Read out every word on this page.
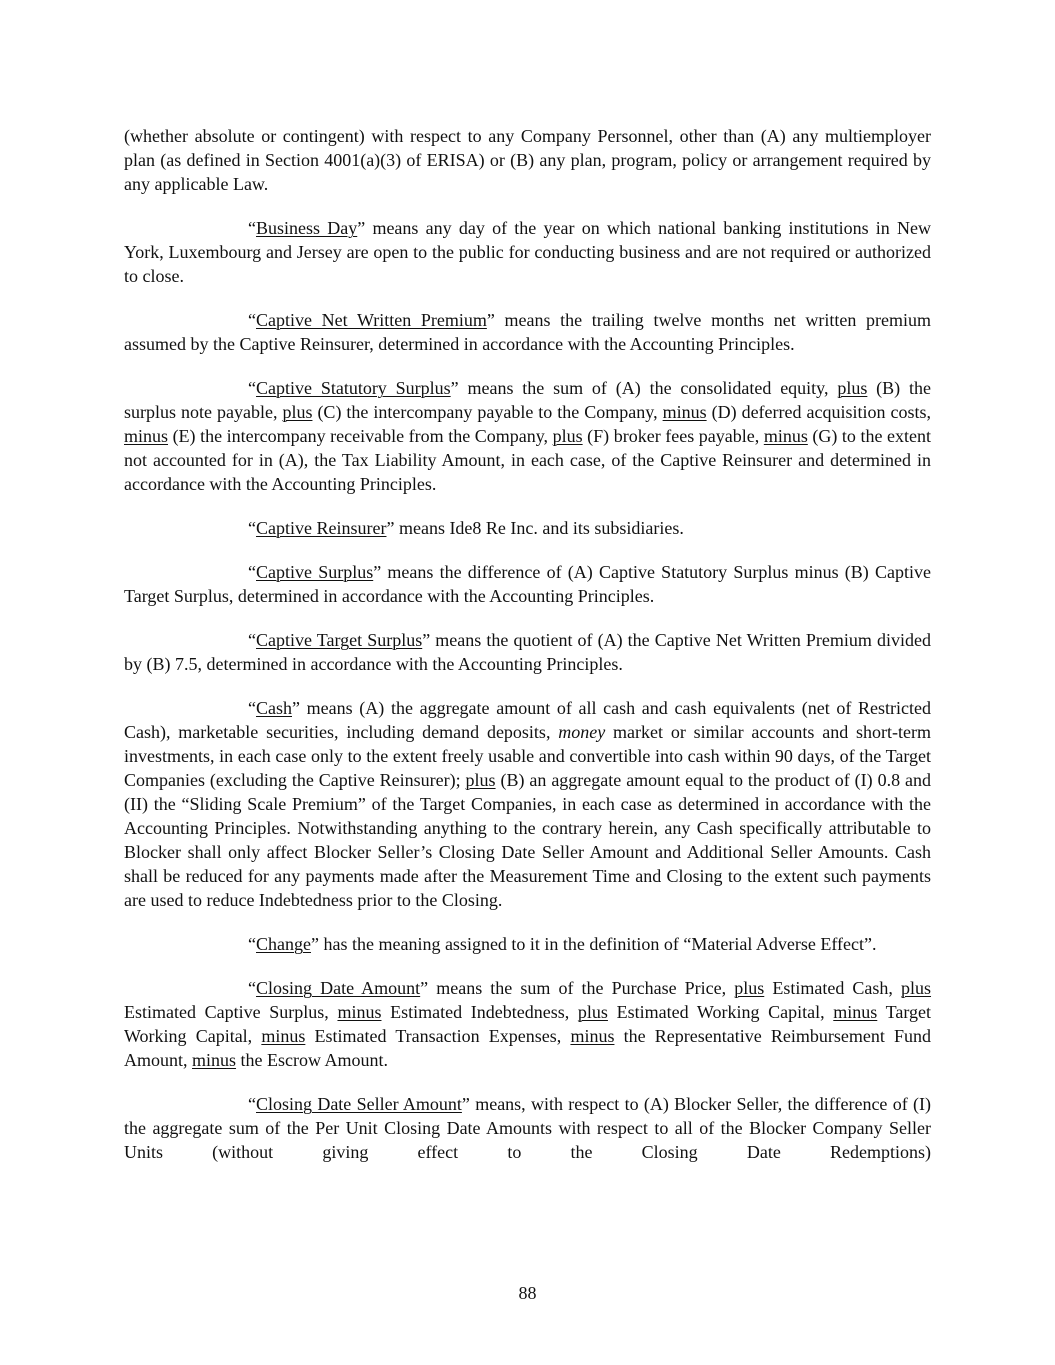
(whether absolute or contingent) with respect to any Company Personnel, other than (A) any multiemployer plan (as defined in Section 4001(a)(3) of ERISA) or (B) any plan, program, policy or arrangement required by any applicable Law.

“Business Day” means any day of the year on which national banking institutions in New York, Luxembourg and Jersey are open to the public for conducting business and are not required or authorized to close.

“Captive Net Written Premium” means the trailing twelve months net written premium assumed by the Captive Reinsurer, determined in accordance with the Accounting Principles.

“Captive Statutory Surplus” means the sum of (A) the consolidated equity, plus (B) the surplus note payable, plus (C) the intercompany payable to the Company, minus (D) deferred acquisition costs, minus (E) the intercompany receivable from the Company, plus (F) broker fees payable, minus (G) to the extent not accounted for in (A), the Tax Liability Amount, in each case, of the Captive Reinsurer and determined in accordance with the Accounting Principles.

“Captive Reinsurer” means Ide8 Re Inc. and its subsidiaries.

“Captive Surplus” means the difference of (A) Captive Statutory Surplus minus (B) Captive Target Surplus, determined in accordance with the Accounting Principles.

“Captive Target Surplus” means the quotient of (A) the Captive Net Written Premium divided by (B) 7.5, determined in accordance with the Accounting Principles.

“Cash” means (A) the aggregate amount of all cash and cash equivalents (net of Restricted Cash), marketable securities, including demand deposits, money market or similar accounts and short-term investments, in each case only to the extent freely usable and convertible into cash within 90 days, of the Target Companies (excluding the Captive Reinsurer); plus (B) an aggregate amount equal to the product of (I) 0.8 and (II) the “Sliding Scale Premium” of the Target Companies, in each case as determined in accordance with the Accounting Principles. Notwithstanding anything to the contrary herein, any Cash specifically attributable to Blocker shall only affect Blocker Seller’s Closing Date Seller Amount and Additional Seller Amounts. Cash shall be reduced for any payments made after the Measurement Time and Closing to the extent such payments are used to reduce Indebtedness prior to the Closing.

“Change” has the meaning assigned to it in the definition of “Material Adverse Effect”.

“Closing Date Amount” means the sum of the Purchase Price, plus Estimated Cash, plus Estimated Captive Surplus, minus Estimated Indebtedness, plus Estimated Working Capital, minus Target Working Capital, minus Estimated Transaction Expenses, minus the Representative Reimbursement Fund Amount, minus the Escrow Amount.

“Closing Date Seller Amount” means, with respect to (A) Blocker Seller, the difference of (I) the aggregate sum of the Per Unit Closing Date Amounts with respect to all of the Blocker Company Seller Units (without giving effect to the Closing Date Redemptions)

88
